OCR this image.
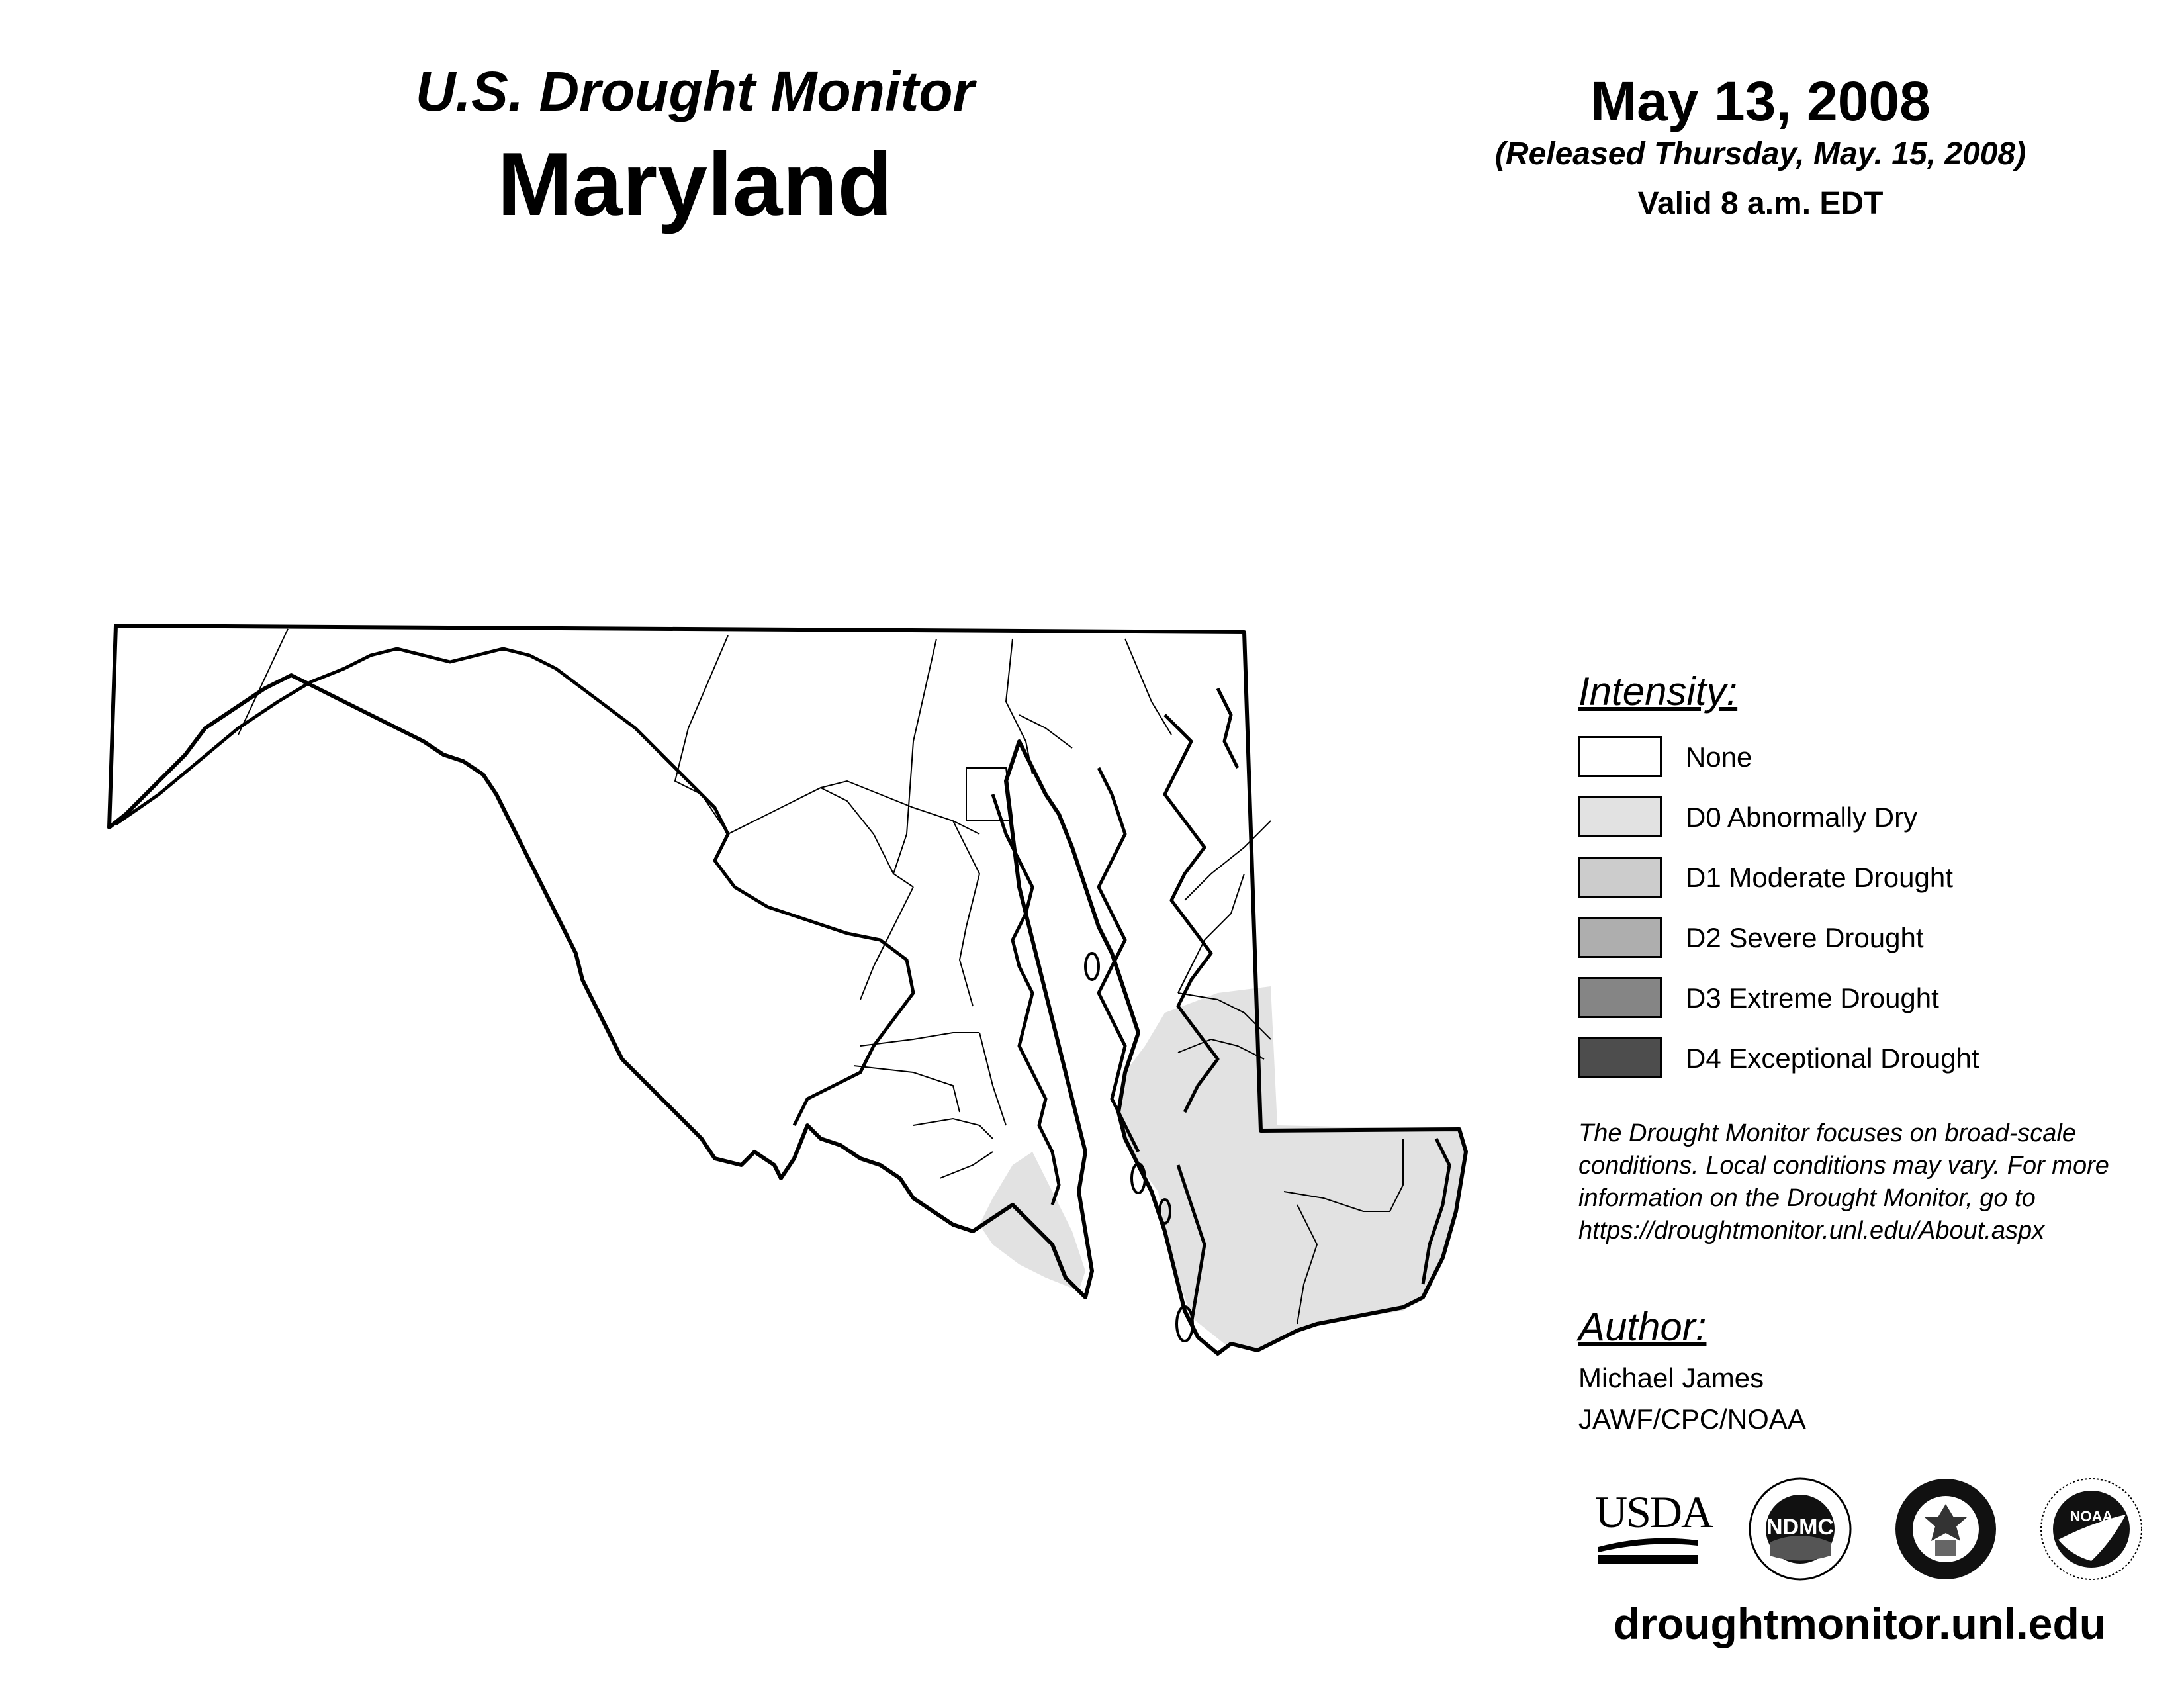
U.S. Drought Monitor
Maryland
May 13, 2008
(Released Thursday, May. 15, 2008)
Valid 8 a.m. EDT
Intensity:
None
D0 Abnormally Dry
D1 Moderate Drought
D2 Severe Drought
D3 Extreme Drought
D4 Exceptional Drought
The Drought Monitor focuses on broad-scale conditions. Local conditions may vary. For more information on the Drought Monitor, go to https://droughtmonitor.unl.edu/About.aspx
Author:
Michael James
JAWF/CPC/NOAA
USDA	NDMC	NOAA
droughtmonitor.unl.edu
